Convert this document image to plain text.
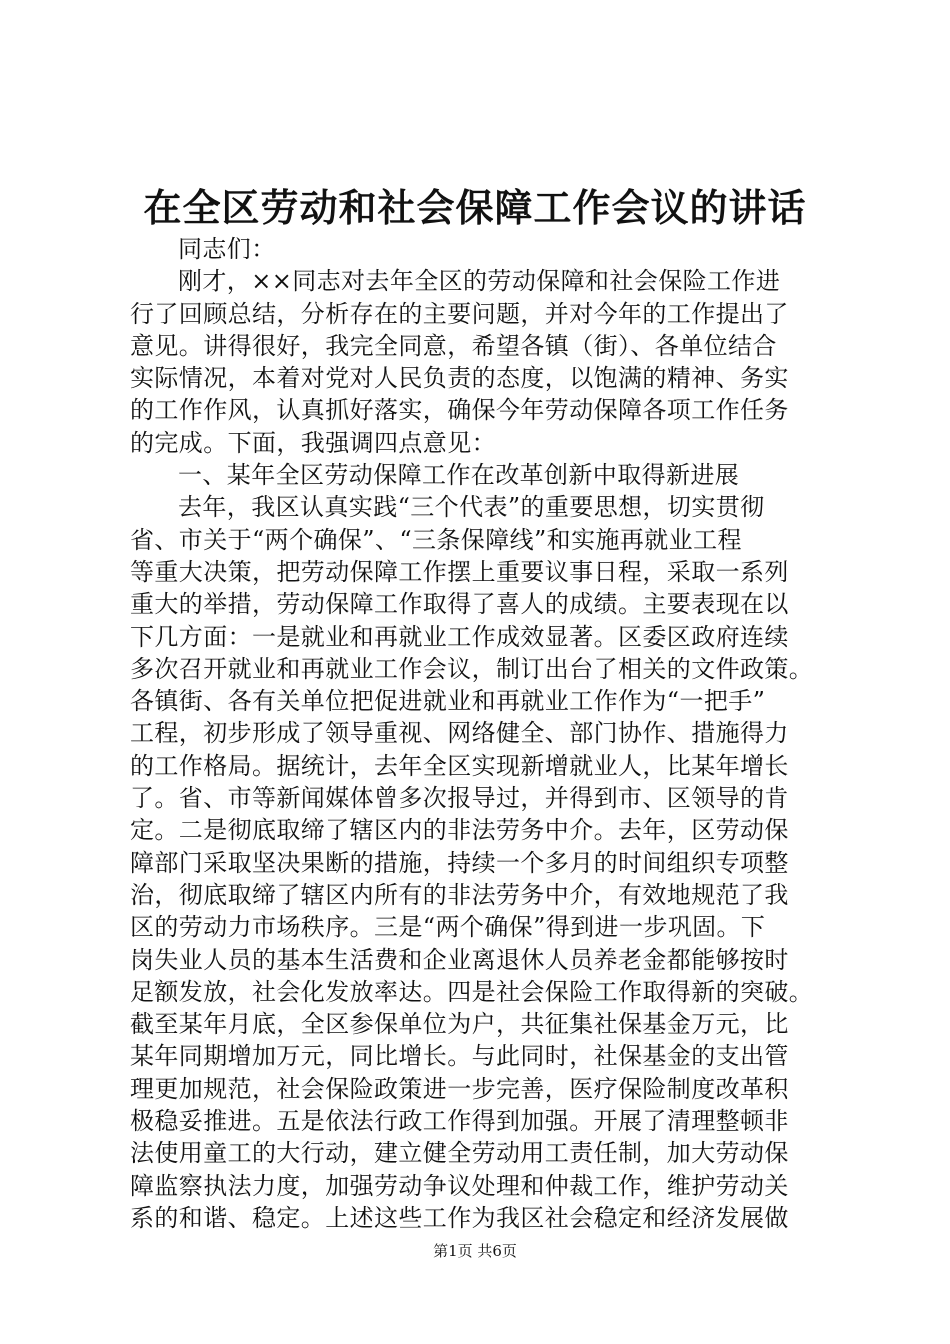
在全区劳动和社会保障工作会议的讲话
同志们：
刚才，××同志对去年全区的劳动保障和社会保险工作进
行了回顾总结，分析存在的主要问题，并对今年的工作提出了
意见。讲得很好，我完全同意，希望各镇（街）、各单位结合
实际情况，本着对党对人民负责的态度，以饱满的精神、务实
的工作作风，认真抓好落实，确保今年劳动保障各项工作任务
的完成。下面，我强调四点意见：
一、某年全区劳动保障工作在改革创新中取得新进展
去年，我区认真实践“三个代表”的重要思想，切实贯彻
省、市关于“两个确保”、“三条保障线”和实施再就业工程
等重大决策，把劳动保障工作摆上重要议事日程，采取一系列
重大的举措，劳动保障工作取得了喜人的成绩。主要表现在以
下几方面：一是就业和再就业工作成效显著。区委区政府连续
多次召开就业和再就业工作会议，制订出台了相关的文件政策。
各镇街、各有关单位把促进就业和再就业工作作为“一把手”
工程，初步形成了领导重视、网络健全、部门协作、措施得力
的工作格局。据统计，去年全区实现新增就业人，比某年增长
了。省、市等新闻媒体曾多次报导过，并得到市、区领导的肯
定。二是彻底取缔了辖区内的非法劳务中介。去年，区劳动保
障部门采取坚决果断的措施，持续一个多月的时间组织专项整
治，彻底取缔了辖区内所有的非法劳务中介，有效地规范了我
区的劳动力市场秩序。三是“两个确保”得到进一步巩固。下
岗失业人员的基本生活费和企业离退休人员养老金都能够按时
足额发放，社会化发放率达。四是社会保险工作取得新的突破。
截至某年月底，全区参保单位为户，共征集社保基金万元，比
某年同期增加万元，同比增长。与此同时，社保基金的支出管
理更加规范，社会保险政策进一步完善，医疗保险制度改革积
极稳妥推进。五是依法行政工作得到加强。开展了清理整顿非
法使用童工的大行动，建立健全劳动用工责任制，加大劳动保
障监察执法力度，加强劳动争议处理和仲裁工作，维护劳动关
系的和谐、稳定。上述这些工作为我区社会稳定和经济发展做
第1页 共6页
